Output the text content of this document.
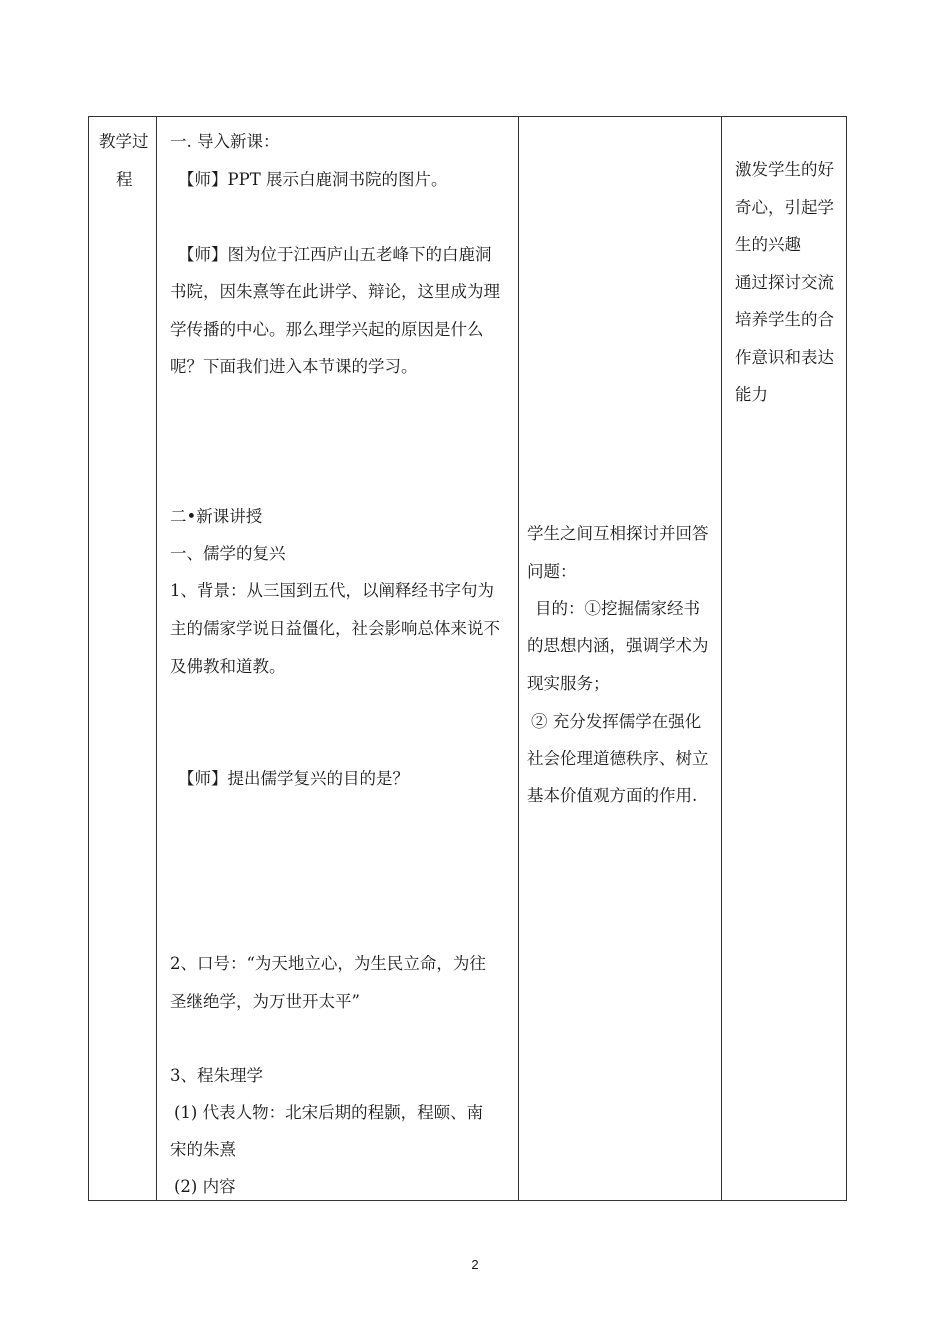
教学过
程
一. 导入新课：
【师】PPT 展示白鹿洞书院的图片。
【师】图为位于江西庐山五老峰下的白鹿洞
书院，因朱熹等在此讲学、辩论，这里成为理
学传播的中心。那么理学兴起的原因是什么
呢？下面我们进入本节课的学习。
二•新课讲授
一、儒学的复兴
1、背景：从三国到五代，以阐释经书字句为
主的儒家学说日益僵化，社会影响总体来说不
及佛教和道教。
【师】提出儒学复兴的目的是？
2、口号：“为天地立心，为生民立命，为往
圣继绝学，为万世开太平”
3、程朱理学
(1) 代表人物：北宋后期的程颢，程颐、南
宋的朱熹
(2) 内容
学生之间互相探讨并回答
问题：
目的：①挖掘儒家经书
的思想内涵，强调学术为
现实服务；
② 充分发挥儒学在强化
社会伦理道德秩序、树立
基本价值观方面的作用.
激发学生的好
奇心，引起学
生的兴趣
通过探讨交流
培养学生的合
作意识和表达
能力
2
